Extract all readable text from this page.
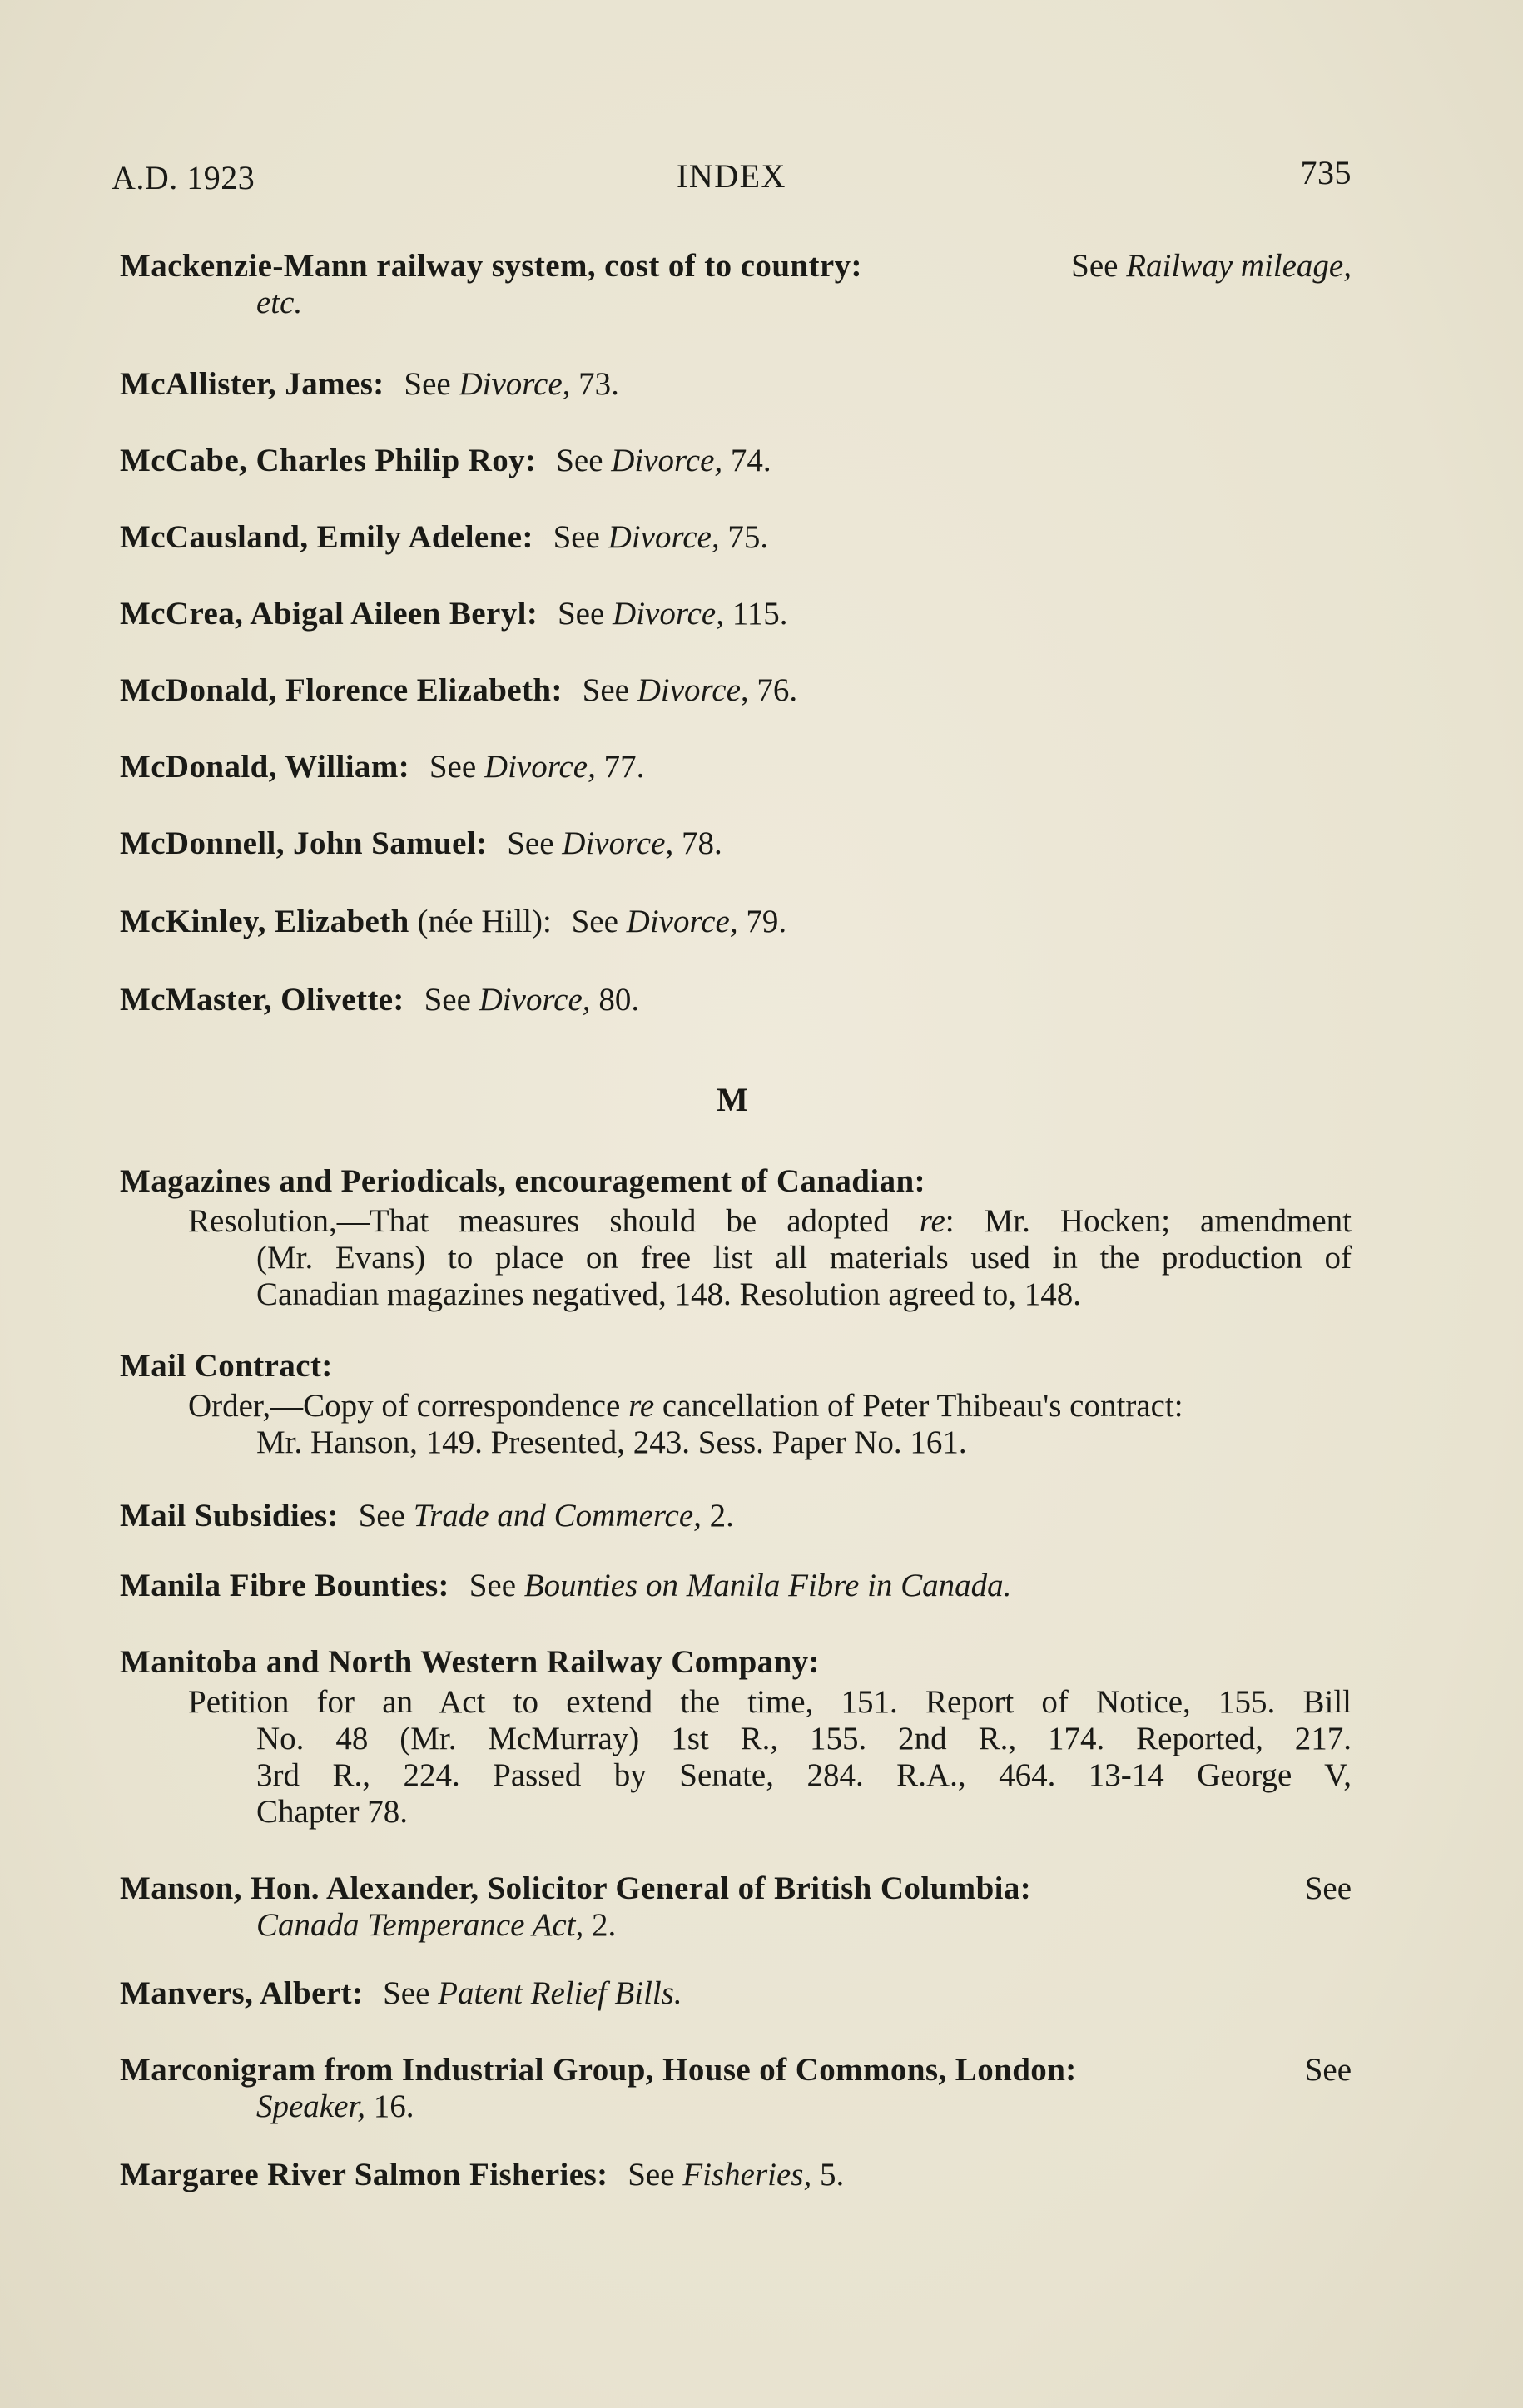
A.D. 1923	INDEX	735
Mackenzie-Mann railway system, cost of to country:	See Railway mileage,
etc.
McAllister, James: See Divorce, 73.
McCabe, Charles Philip Roy: See Divorce, 74.
McCausland, Emily Adelene: See Divorce, 75.
McCrea, Abigal Aileen Beryl: See Divorce, 115.
McDonald, Florence Elizabeth: See Divorce, 76.
McDonald, William: See Divorce, 77.
McDonnell, John Samuel: See Divorce, 78.
McKinley, Elizabeth (née Hill): See Divorce, 79.
McMaster, Olivette: See Divorce, 80.
M
Magazines and Periodicals, encouragement of Canadian:
Resolution,—That measures should be adopted re: Mr. Hocken; amendment
(Mr. Evans) to place on free list all materials used in the production of
Canadian magazines negatived, 148. Resolution agreed to, 148.
Mail Contract:
Order,—Copy of correspondence re cancellation of Peter Thibeau's contract:
Mr. Hanson, 149. Presented, 243. Sess. Paper No. 161.
Mail Subsidies: See Trade and Commerce, 2.
Manila Fibre Bounties: See Bounties on Manila Fibre in Canada.
Manitoba and North Western Railway Company:
Petition for an Act to extend the time, 151. Report of Notice, 155. Bill
No. 48 (Mr. McMurray) 1st R., 155. 2nd R., 174. Reported, 217.
3rd R., 224. Passed by Senate, 284. R.A., 464. 13-14 George V,
Chapter 78.
Manson, Hon. Alexander, Solicitor General of British Columbia:	See
Canada Temperance Act, 2.
Manvers, Albert: See Patent Relief Bills.
Marconigram from Industrial Group, House of Commons, London:	See
Speaker, 16.
Margaree River Salmon Fisheries: See Fisheries, 5.
